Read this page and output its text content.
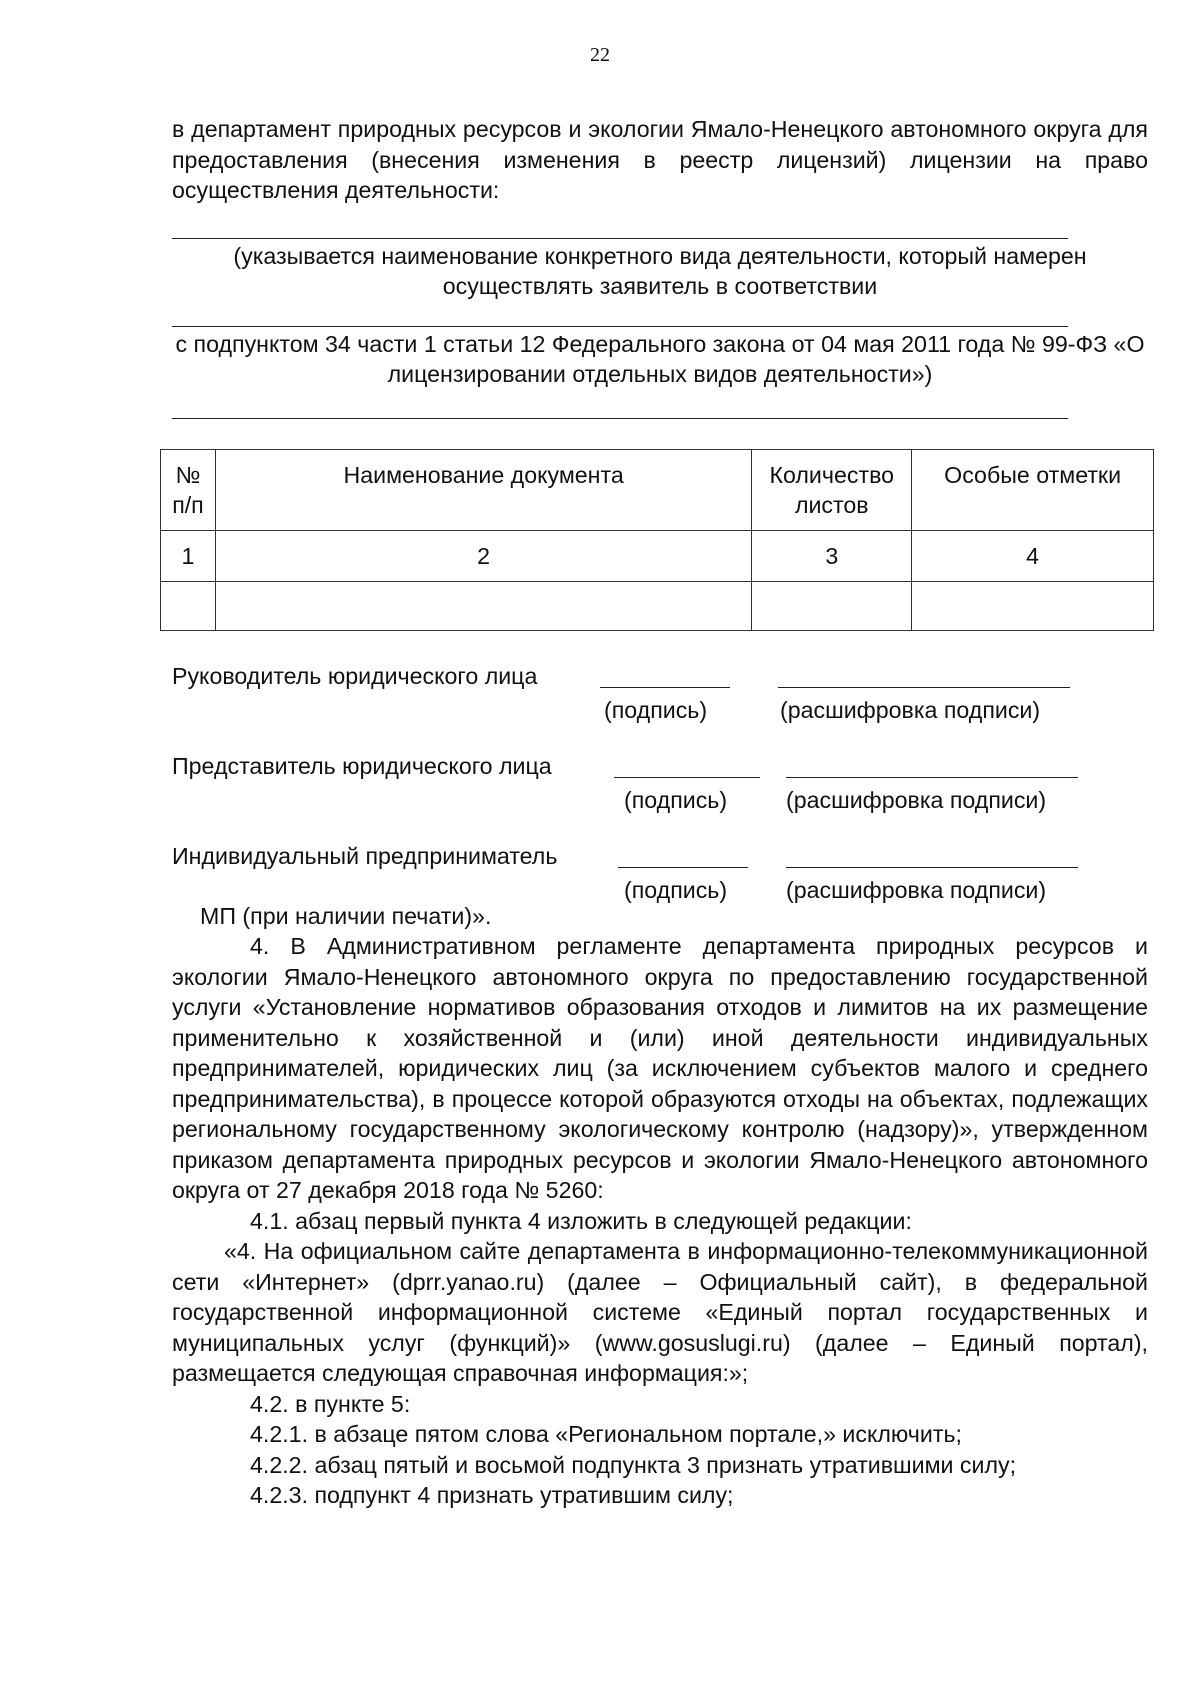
22

в департамент природных ресурсов и экологии Ямало-Ненецкого автономного округа для предоставления (внесения изменения в реестр лицензий) лицензии на право осуществления деятельности:

(указывается наименование конкретного вида деятельности, который намерен осуществлять заявитель в соответствии

с подпунктом 34 части 1 статьи 12 Федерального закона от 04 мая 2011 года № 99-ФЗ «О лицензировании отдельных видов деятельности»)

№ п/п	Наименование документа	Количество листов	Особые отметки
1	2	3	4

Руководитель юридического лица
(подпись)	(расшифровка подписи)
Представитель юридического лица
(подпись)	(расшифровка подписи)
Индивидуальный предприниматель
(подпись)	(расшифровка подписи)

МП (при наличии печати)».

4. В Административном регламенте департамента природных ресурсов и экологии Ямало-Ненецкого автономного округа по предоставлению государственной услуги «Установление нормативов образования отходов и лимитов на их размещение применительно к хозяйственной и (или) иной деятельности индивидуальных предпринимателей, юридических лиц (за исключением субъектов малого и среднего предпринимательства), в процессе которой образуются отходы на объектах, подлежащих региональному государственному экологическому контролю (надзору)», утвержденном приказом департамента природных ресурсов и экологии Ямало-Ненецкого автономного округа от 27 декабря 2018 года № 5260:

4.1. абзац первый пункта 4 изложить в следующей редакции:

«4. На официальном сайте департамента в информационно-телекоммуникационной сети «Интернет» (dprr.yanao.ru) (далее – Официальный сайт), в федеральной государственной информационной системе «Единый портал государственных и муниципальных услуг (функций)» (www.gosuslugi.ru) (далее – Единый портал), размещается следующая справочная информация:»;

4.2. в пункте 5:

4.2.1. в абзаце пятом слова «Региональном портале,» исключить;

4.2.2. абзац пятый и восьмой подпункта 3 признать утратившими силу;

4.2.3. подпункт 4 признать утратившим силу;
